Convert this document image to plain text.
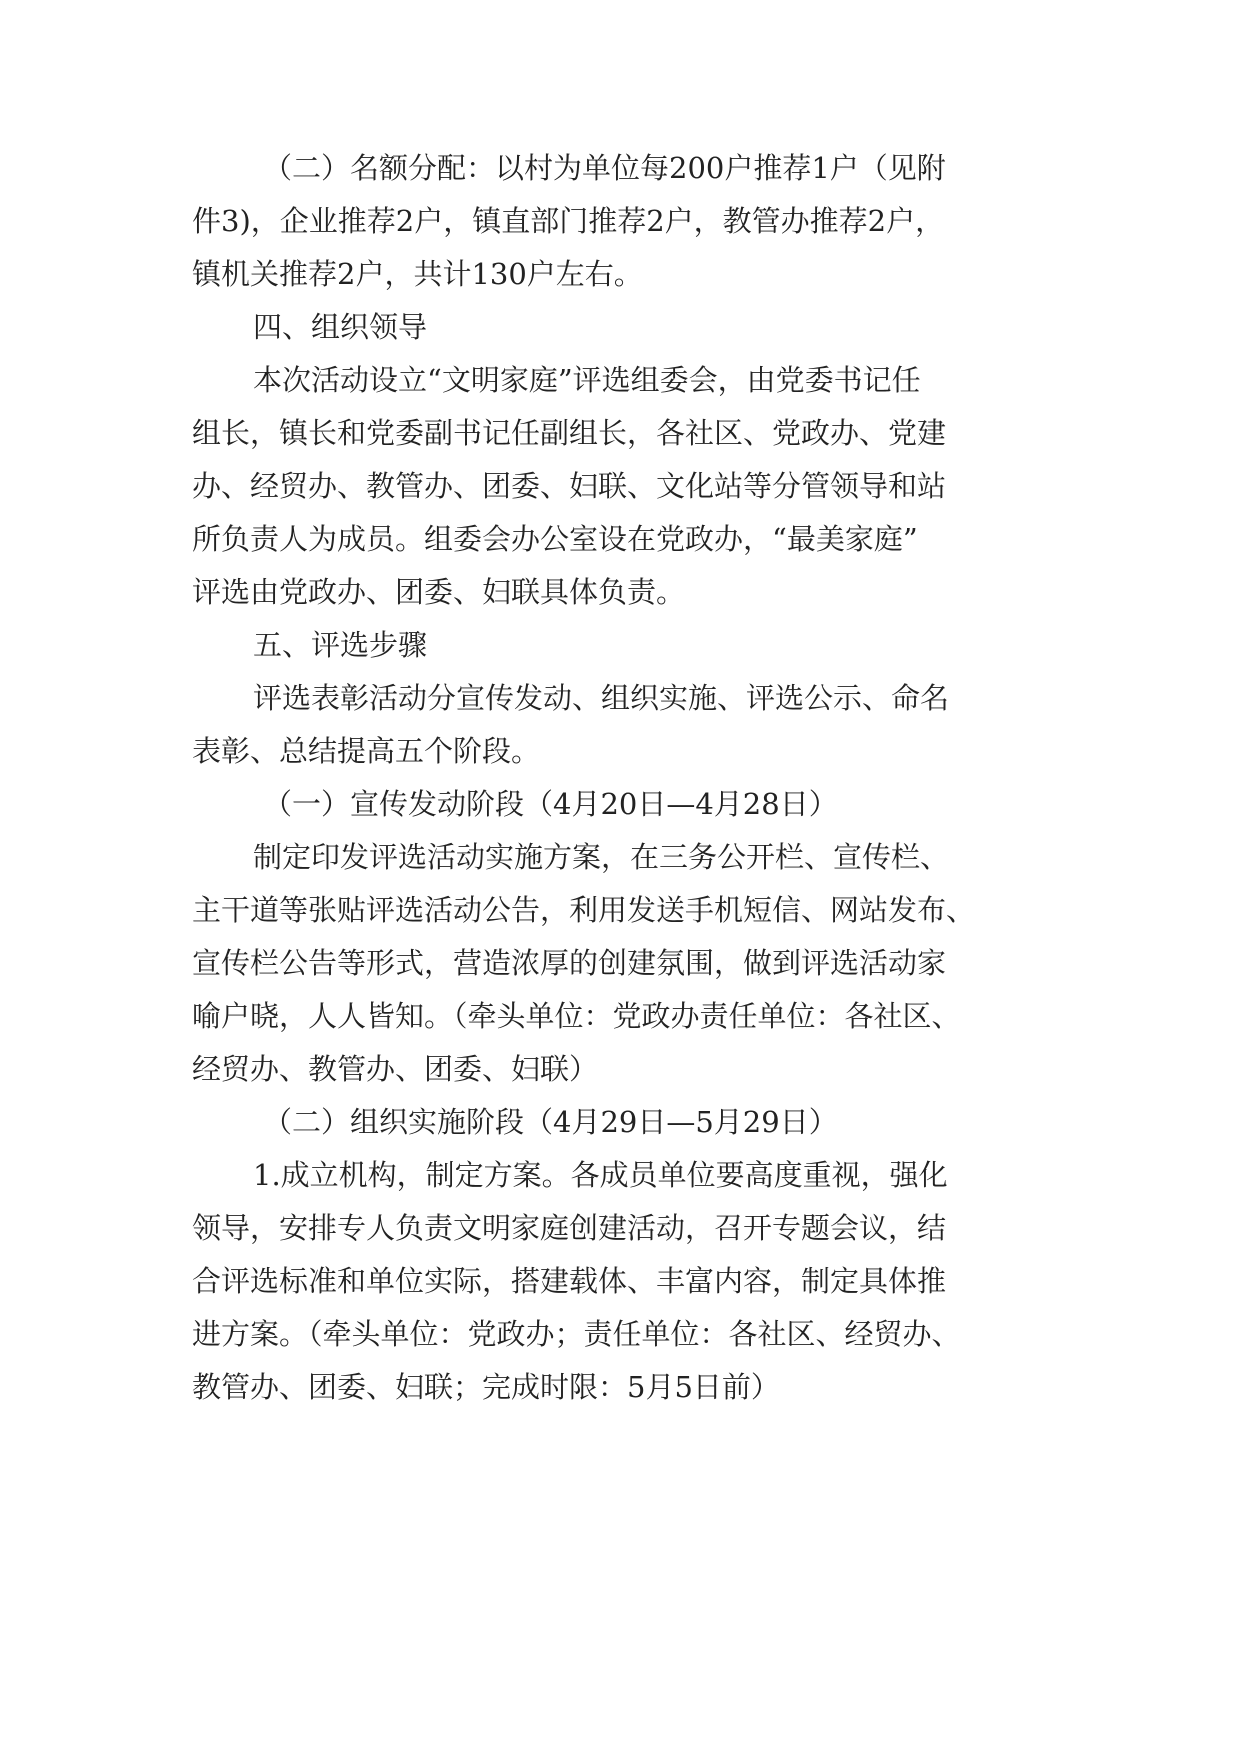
（二）名额分配：以村为单位每200户推荐1户（见附
件3)，企业推荐2户，镇直部门推荐2户，教管办推荐2户，
镇机关推荐2户，共计130户左右。
四、组织领导
本次活动设立“文明家庭”评选组委会，由党委书记任
组长，镇长和党委副书记任副组长，各社区、党政办、党建
办、经贸办、教管办、团委、妇联、文化站等分管领导和站
所负责人为成员。组委会办公室设在党政办，“最美家庭”
评选由党政办、团委、妇联具体负责。
五、评选步骤
评选表彰活动分宣传发动、组织实施、评选公示、命名
表彰、总结提高五个阶段。
（一）宣传发动阶段（4月20日—4月28日）
制定印发评选活动实施方案，在三务公开栏、宣传栏、
主干道等张贴评选活动公告，利用发送手机短信、网站发布、
宣传栏公告等形式，营造浓厚的创建氛围，做到评选活动家
喻户晓，人人皆知。（牵头单位：党政办责任单位：各社区、
经贸办、教管办、团委、妇联）
（二）组织实施阶段（4月29日—5月29日）
1.成立机构，制定方案。各成员单位要高度重视，强化
领导，安排专人负责文明家庭创建活动，召开专题会议，结
合评选标准和单位实际，搭建载体、丰富内容，制定具体推
进方案。（牵头单位：党政办；责任单位：各社区、经贸办、
教管办、团委、妇联；完成时限：5月5日前）
